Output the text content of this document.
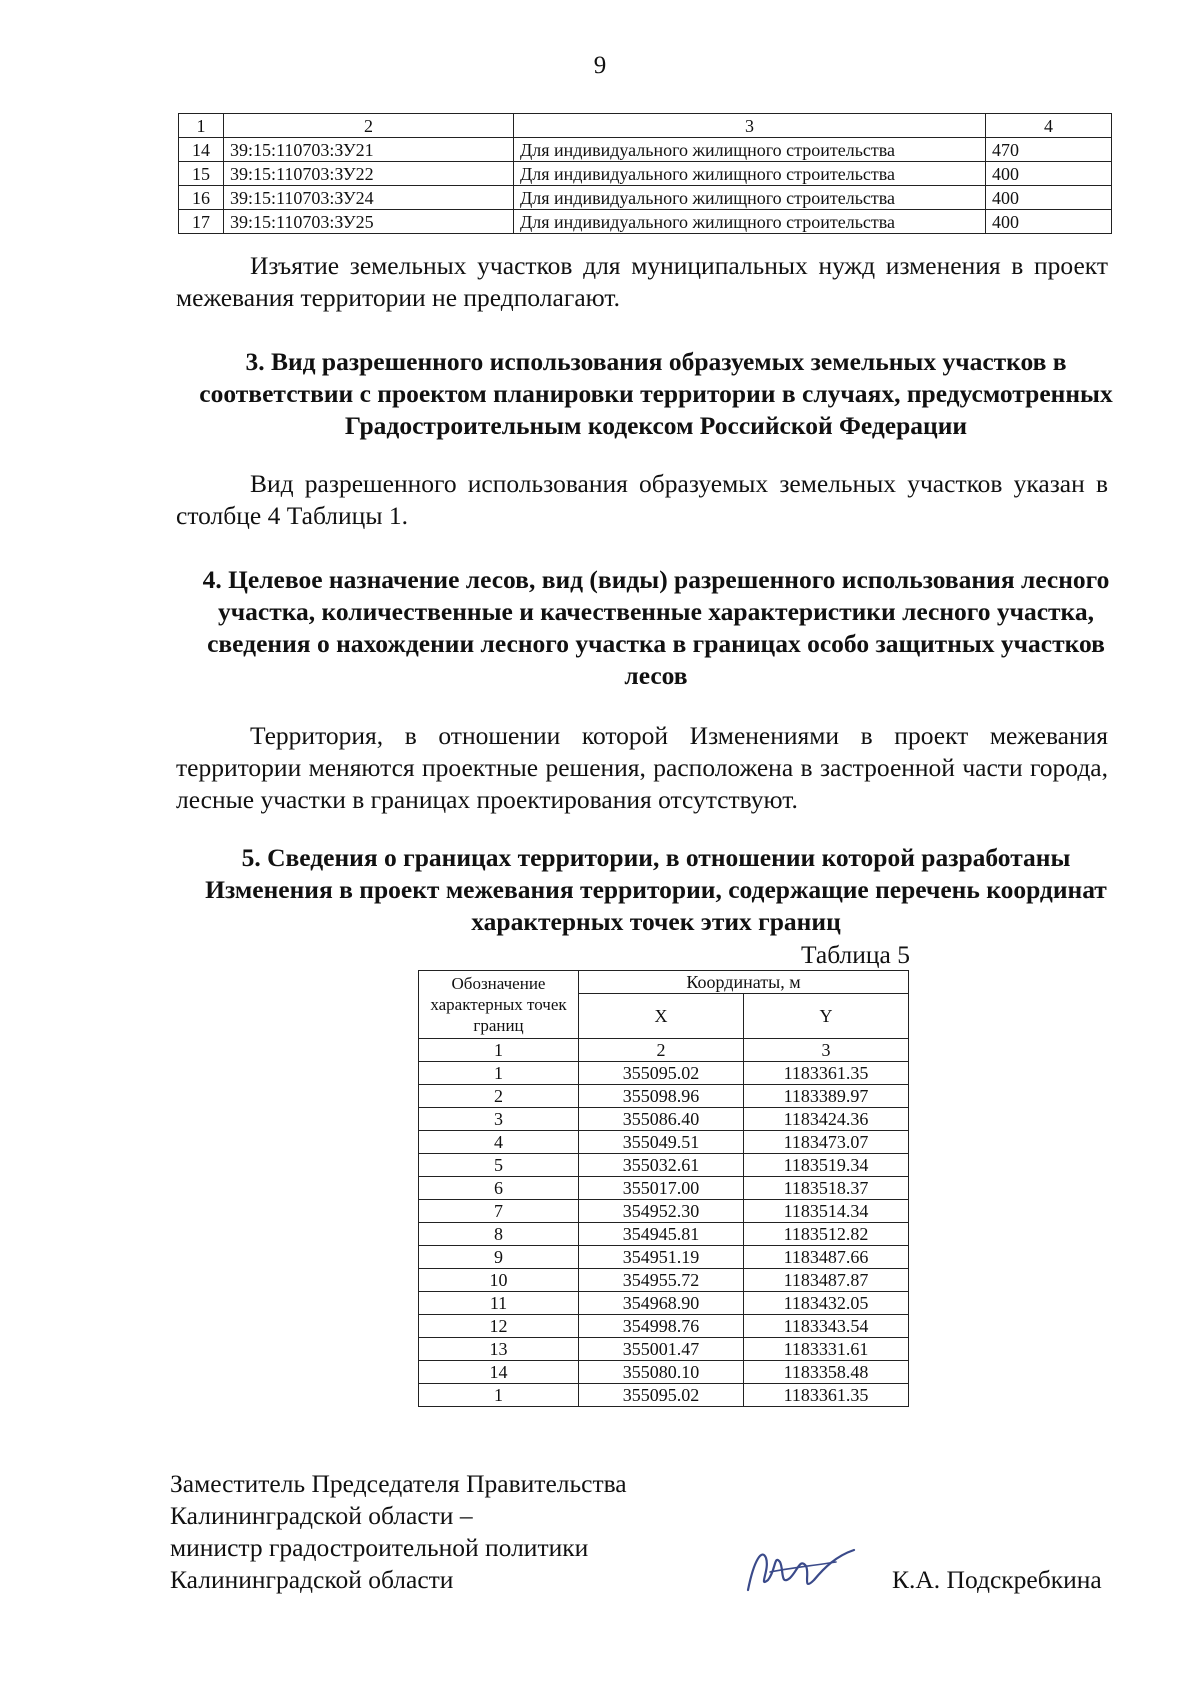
9
1	2	3	4
14	39:15:110703:ЗУ21	Для индивидуального жилищного строительства	470
15	39:15:110703:ЗУ22	Для индивидуального жилищного строительства	400
16	39:15:110703:ЗУ24	Для индивидуального жилищного строительства	400
17	39:15:110703:ЗУ25	Для индивидуального жилищного строительства	400

Изъятие земельных участков для муниципальных нужд изменения в проект межевания территории не предполагают.

3. Вид разрешенного использования образуемых земельных участков в соответствии с проектом планировки территории в случаях, предусмотренных Градостроительным кодексом Российской Федерации

Вид разрешенного использования образуемых земельных участков указан в столбце 4 Таблицы 1.

4. Целевое назначение лесов, вид (виды) разрешенного использования лесного участка, количественные и качественные характеристики лесного участка, сведения о нахождении лесного участка в границах особо защитных участков лесов

Территория, в отношении которой Изменениями в проект межевания территории меняются проектные решения, расположена в застроенной части города, лесные участки в границах проектирования отсутствуют.

5. Сведения о границах территории, в отношении которой разработаны Изменения в проект межевания территории, содержащие перечень координат характерных точек этих границ

Таблица 5
Обозначение характерных точек границ	Координаты, м	
	X	Y
1	2	3
1	355095.02	1183361.35
2	355098.96	1183389.97
3	355086.40	1183424.36
4	355049.51	1183473.07
5	355032.61	1183519.34
6	355017.00	1183518.37
7	354952.30	1183514.34
8	354945.81	1183512.82
9	354951.19	1183487.66
10	354955.72	1183487.87
11	354968.90	1183432.05
12	354998.76	1183343.54
13	355001.47	1183331.61
14	355080.10	1183358.48
1	355095.02	1183361.35
Заместитель Председателя Правительства
Калининградской области –
министр градостроительной политики
Калининградской области	К.А. Подскребкина
